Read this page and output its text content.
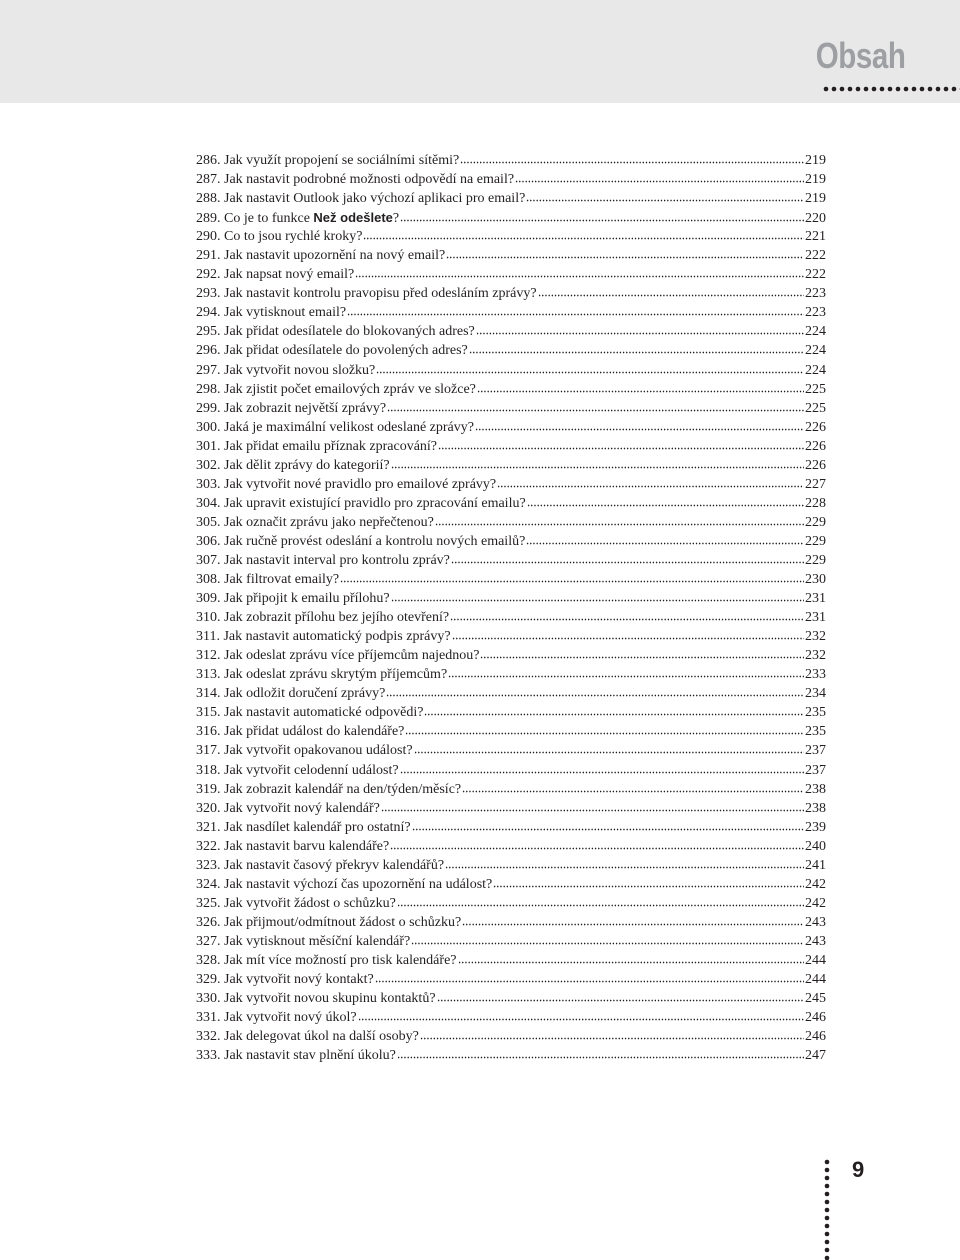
Obsah
286. Jak využít propojení se sociálními sítěmi?	219
287. Jak nastavit podrobné možnosti odpovědí na email?	219
288. Jak nastavit Outlook jako výchozí aplikaci pro email?	219
289. Co je to funkce Než odešlete?	220
290. Co to jsou rychlé kroky?	221
291. Jak nastavit upozornění na nový email?	222
292. Jak napsat nový email?	222
293. Jak nastavit kontrolu pravopisu před odesláním zprávy?	223
294. Jak vytisknout email?	223
295. Jak přidat odesílatele do blokovaných adres?	224
296. Jak přidat odesílatele do povolených adres?	224
297. Jak vytvořit novou složku?	224
298. Jak zjistit počet emailových zpráv ve složce?	225
299. Jak zobrazit největší zprávy?	225
300. Jaká je maximální velikost odeslané zprávy?	226
301. Jak přidat emailu příznak zpracování?	226
302. Jak dělit zprávy do kategorií?	226
303. Jak vytvořit nové pravidlo pro emailové zprávy?	227
304. Jak upravit existující pravidlo pro zpracování emailu?	228
305. Jak označit zprávu jako nepřečtenou?	229
306. Jak ručně provést odeslání a kontrolu nových emailů?	229
307. Jak nastavit interval pro kontrolu zpráv?	229
308. Jak filtrovat emaily?	230
309. Jak připojit k emailu přílohu?	231
310. Jak zobrazit přílohu bez jejího otevření?	231
311. Jak nastavit automatický podpis zprávy?	232
312. Jak odeslat zprávu více příjemcům najednou?	232
313. Jak odeslat zprávu skrytým příjemcům?	233
314. Jak odložit doručení zprávy?	234
315. Jak nastavit automatické odpovědi?	235
316. Jak přidat událost do kalendáře?	235
317. Jak vytvořit opakovanou událost?	237
318. Jak vytvořit celodenní událost?	237
319. Jak zobrazit kalendář na den/týden/měsíc?	238
320. Jak vytvořit nový kalendář?	238
321. Jak nasdílet kalendář pro ostatní?	239
322. Jak nastavit barvu kalendáře?	240
323. Jak nastavit časový překryv kalendářů?	241
324. Jak nastavit výchozí čas upozornění na událost?	242
325. Jak vytvořit žádost o schůzku?	242
326. Jak přijmout/odmítnout žádost o schůzku?	243
327. Jak vytisknout měsíční kalendář?	243
328. Jak mít více možností pro tisk kalendáře?	244
329. Jak vytvořit nový kontakt?	244
330. Jak vytvořit novou skupinu kontaktů?	245
331. Jak vytvořit nový úkol?	246
332. Jak delegovat úkol na další osoby?	246
333. Jak nastavit stav plnění úkolu?	247
9
